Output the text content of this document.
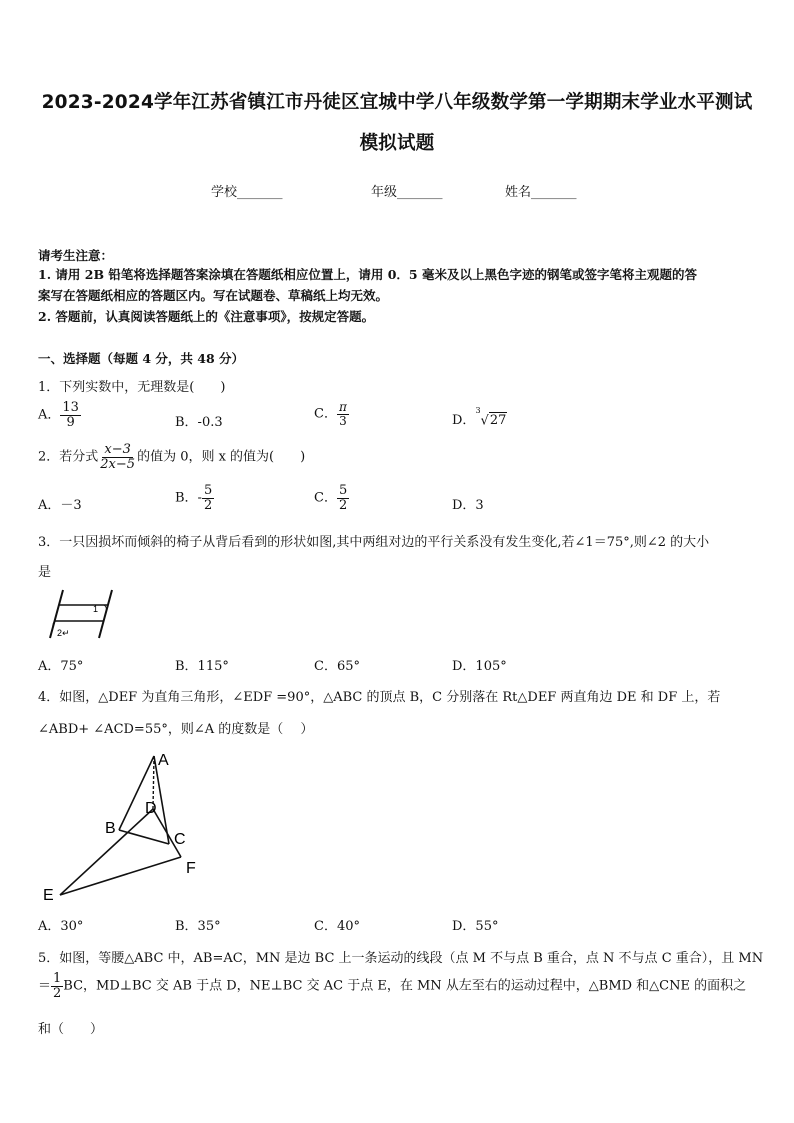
2023-2024学年江苏省镇江市丹徒区宜城中学八年级数学第一学期期末学业水平测试
模拟试题
学校_______	年级_______	姓名_______
请考生注意：
1. 请用 2B 铅笔将选择题答案涂填在答题纸相应位置上，请用 0．5 毫米及以上黑色字迹的钢笔或签字笔将主观题的答
案写在答题纸相应的答题区内。写在试题卷、草稿纸上均无效。
2. 答题前，认真阅读答题纸上的《注意事项》，按规定答题。
一、选择题（每题 4 分，共 48 分）
1．下列实数中，无理数是(　　)
A． $\frac{13}{9}$	B．-0.3
C． $\frac{\pi}{3}$	D．$^3$√27
2．若分式 $\frac{x-3}{2x-5}$ 的值为 0，则 x 的值为(　　)
A．－3	B．- $\frac{5}{2}$	C． $\frac{5}{2}$	D．3
3．一只因损坏而倾斜的椅子从背后看到的形状如图,其中两组对边的平行关系没有发生变化,若∠1＝75°,则∠2 的大小
是
1
2↵
A．75°	B．115°	C．65°	D．105°
4．如图，△DEF 为直角三角形，∠EDF =90°，△ABC 的顶点 B，C 分别落在 Rt△DEF 两直角边 DE 和 DF 上，若
∠ABD+ ∠ACD=55°，则∠A 的度数是（　 ）
A
B
C
D
E
F
A．30°	B．35°	C．40°	D．55°
5．如图，等腰△ABC 中，AB=AC，MN 是边 BC 上一条运动的线段（点 M 不与点 B 重合，点 N 不与点 C 重合），且 MN
＝ $\frac{1}{2}$ BC，MD⊥BC 交 AB 于点 D，NE⊥BC 交 AC 于点 E，在 MN 从左至右的运动过程中，△BMD 和△CNE 的面积之
和（　　）
